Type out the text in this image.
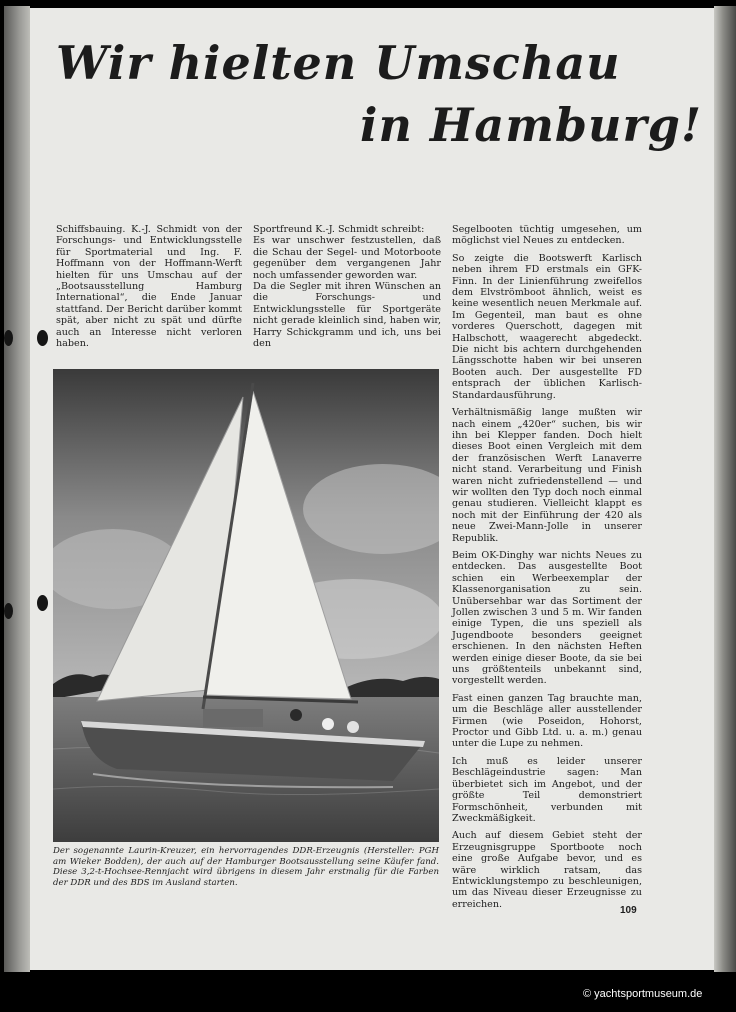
Wir hielten Umschau
in Hamburg!

Schiffsbauing. K.-J. Schmidt von der Forschungs- und Entwicklungsstelle für Sportmaterial und Ing. F. Hoffmann von der Hoffmann-Werft hielten für uns Umschau auf der „Bootsausstellung Hamburg International“, die Ende Januar stattfand. Der Bericht darüber kommt spät, aber nicht zu spät und dürfte auch an Interesse nicht verloren haben.

Sportfreund K.-J. Schmidt schreibt:

Es war unschwer festzustellen, daß die Schau der Segel- und Motorboote gegenüber dem vergangenen Jahr noch umfassender geworden war.

Da die Segler mit ihren Wünschen an die Forschungs- und Entwicklungsstelle für Sportgeräte nicht gerade kleinlich sind, haben wir, Harry Schickgramm und ich, uns bei den

Segelbooten tüchtig umgesehen, um möglichst viel Neues zu entdecken.

So zeigte die Bootswerft Karlisch neben ihrem FD erstmals ein GFK-Finn. In der Linienführung zweifellos dem Elvströmboot ähnlich, weist es keine wesentlich neuen Merkmale auf. Im Gegenteil, man baut es ohne vorderes Querschott, dagegen mit Halbschott, waagerecht abgedeckt. Die nicht bis achtern durchgehenden Längsschotte haben wir bei unseren Booten auch. Der ausgestellte FD entsprach der üblichen Karlisch-Standardausführung.

Verhältnismäßig lange mußten wir nach einem „420er“ suchen, bis wir ihn bei Klepper fanden. Doch hielt dieses Boot einen Vergleich mit dem der französischen Werft Lanaverre nicht stand. Verarbeitung und Finish waren nicht zufriedenstellend — und wir wollten den Typ doch noch einmal genau studieren. Vielleicht klappt es noch mit der Einführung der 420 als neue Zwei-Mann-Jolle in unserer Republik.

Beim OK-Dinghy war nichts Neues zu entdecken. Das ausgestellte Boot schien ein Werbeexemplar der Klassenorganisation zu sein. Unübersehbar war das Sortiment der Jollen zwischen 3 und 5 m. Wir fanden einige Typen, die uns speziell als Jugendboote besonders geeignet erschienen. In den nächsten Heften werden einige dieser Boote, da sie bei uns größtenteils unbekannt sind, vorgestellt werden.

Fast einen ganzen Tag brauchte man, um die Beschläge aller ausstellender Firmen (wie Poseidon, Hohorst, Proctor und Gibb Ltd. u. a. m.) genau unter die Lupe zu nehmen.

Ich muß es leider unserer Beschlägeindustrie sagen: Man überbietet sich im Angebot, und der größte Teil demonstriert Formschönheit, verbunden mit Zweckmäßigkeit.

Auch auf diesem Gebiet steht der Erzeugnisgruppe Sportboote noch eine große Aufgabe bevor, und es wäre wirklich ratsam, das Entwicklungstempo zu beschleunigen, um das Niveau dieser Erzeugnisse zu erreichen.

Der sogenannte Laurin-Kreuzer, ein hervorragendes DDR-Erzeugnis (Hersteller: PGH am Wieker Bodden), der auch auf der Hamburger Bootsausstellung seine Käufer fand. Diese 3,2-t-Hochsee-Rennjacht wird übrigens in diesem Jahr erstmalig für die Farben der DDR und des BDS im Ausland starten.
109
© yachtsportmuseum.de
